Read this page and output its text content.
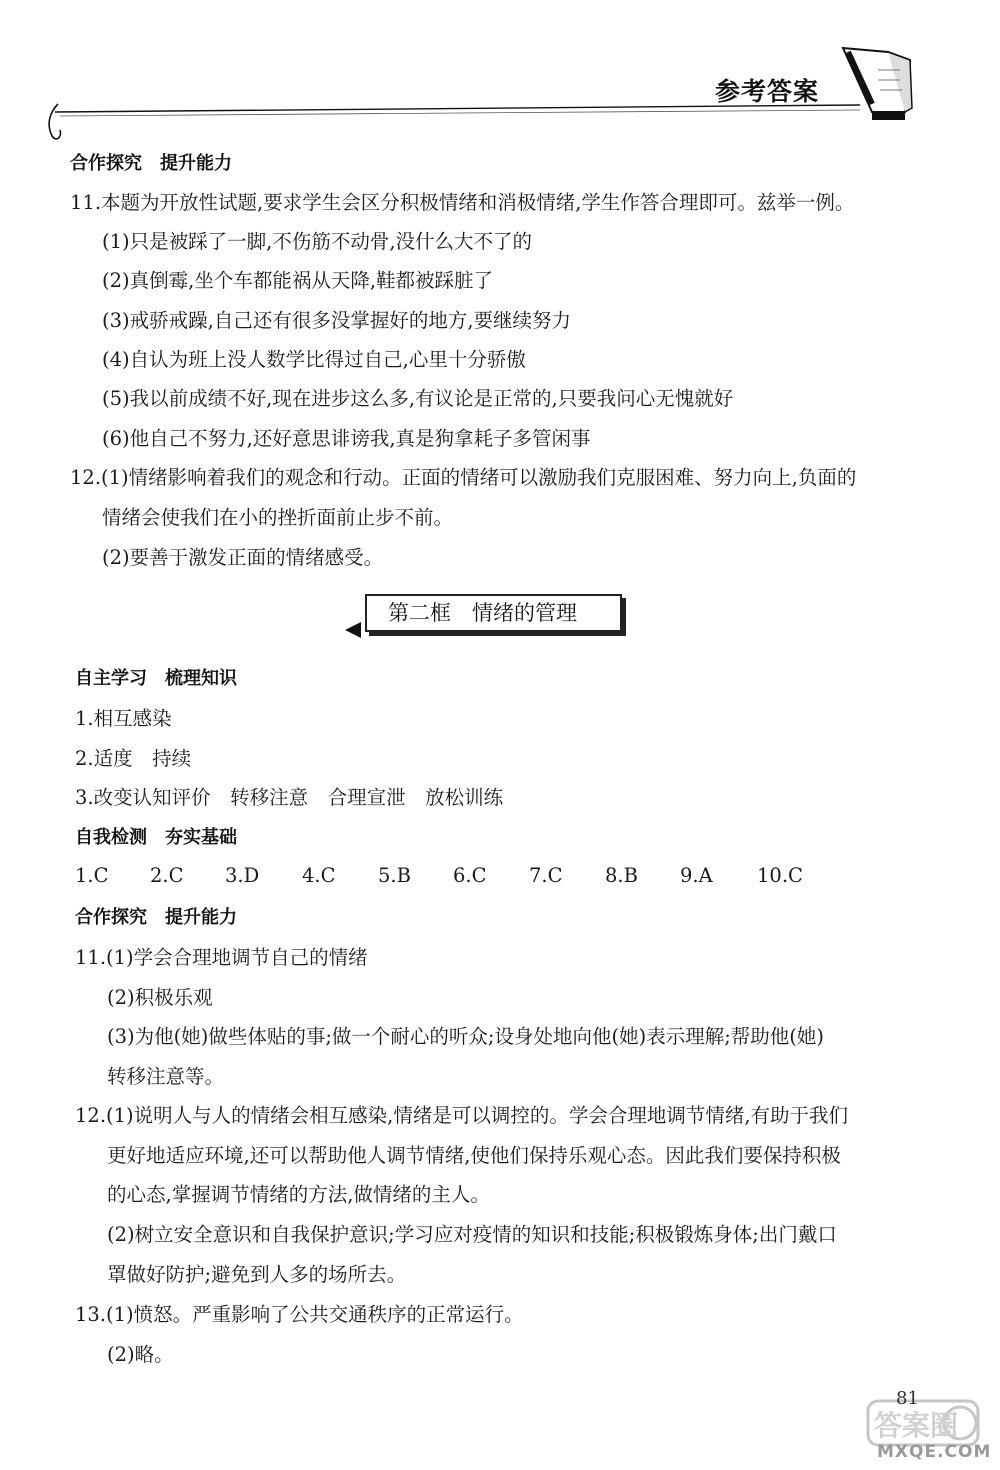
参考答案
合作探究　提升能力
11.本题为开放性试题,要求学生会区分积极情绪和消极情绪,学生作答合理即可。兹举一例。
(1)只是被踩了一脚,不伤筋不动骨,没什么大不了的
(2)真倒霉,坐个车都能祸从天降,鞋都被踩脏了
(3)戒骄戒躁,自己还有很多没掌握好的地方,要继续努力
(4)自认为班上没人数学比得过自己,心里十分骄傲
(5)我以前成绩不好,现在进步这么多,有议论是正常的,只要我问心无愧就好
(6)他自己不努力,还好意思诽谤我,真是狗拿耗子多管闲事
12.(1)情绪影响着我们的观念和行动。正面的情绪可以激励我们克服困难、努力向上,负面的
情绪会使我们在小的挫折面前止步不前。
(2)要善于激发正面的情绪感受。
第二框　情绪的管理
自主学习　梳理知识
1.相互感染
2.适度　持续
3.改变认知评价　转移注意　合理宣泄　放松训练
自我检测　夯实基础
1.C 2.C 3.D 4.C 5.B 6.C 7.C 8.B 9.A 10.C
合作探究　提升能力
11.(1)学会合理地调节自己的情绪
(2)积极乐观
(3)为他(她)做些体贴的事;做一个耐心的听众;设身处地向他(她)表示理解;帮助他(她)
转移注意等。
12.(1)说明人与人的情绪会相互感染,情绪是可以调控的。学会合理地调节情绪,有助于我们
更好地适应环境,还可以帮助他人调节情绪,使他们保持乐观心态。因此我们要保持积极
的心态,掌握调节情绪的方法,做情绪的主人。
(2)树立安全意识和自我保护意识;学习应对疫情的知识和技能;积极锻炼身体;出门戴口
罩做好防护;避免到人多的场所去。
13.(1)愤怒。严重影响了公共交通秩序的正常运行。
(2)略。
答案圈
81
MXQE.COM
